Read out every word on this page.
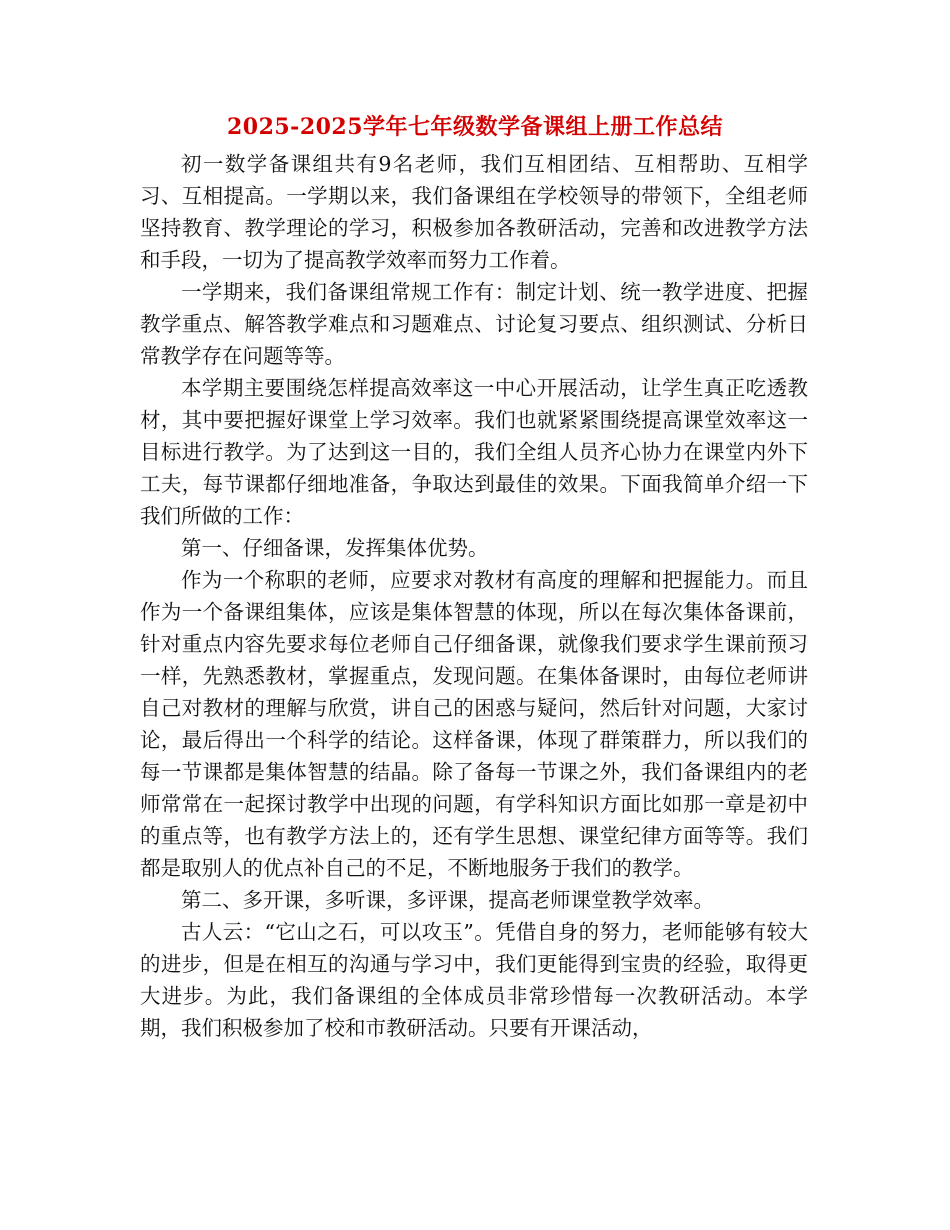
2025-2025学年七年级数学备课组上册工作总结

初一数学备课组共有9名老师，我们互相团结、互相帮助、互相学习、互相提高。一学期以来，我们备课组在学校领导的带领下，全组老师坚持教育、教学理论的学习，积极参加各教研活动，完善和改进教学方法和手段，一切为了提高教学效率而努力工作着。

一学期来，我们备课组常规工作有：制定计划、统一教学进度、把握教学重点、解答教学难点和习题难点、讨论复习要点、组织测试、分析日常教学存在问题等等。

本学期主要围绕怎样提高效率这一中心开展活动，让学生真正吃透教材，其中要把握好课堂上学习效率。我们也就紧紧围绕提高课堂效率这一目标进行教学。为了达到这一目的，我们全组人员齐心协力在课堂内外下工夫，每节课都仔细地准备，争取达到最佳的效果。下面我简单介绍一下我们所做的工作：

第一、仔细备课，发挥集体优势。

作为一个称职的老师，应要求对教材有高度的理解和把握能力。而且作为一个备课组集体，应该是集体智慧的体现，所以在每次集体备课前，针对重点内容先要求每位老师自己仔细备课，就像我们要求学生课前预习一样，先熟悉教材，掌握重点，发现问题。在集体备课时，由每位老师讲自己对教材的理解与欣赏，讲自己的困惑与疑问，然后针对问题，大家讨论，最后得出一个科学的结论。这样备课，体现了群策群力，所以我们的每一节课都是集体智慧的结晶。除了备每一节课之外，我们备课组内的老师常常在一起探讨教学中出现的问题，有学科知识方面比如那一章是初中的重点等，也有教学方法上的，还有学生思想、课堂纪律方面等等。我们都是取别人的优点补自己的不足，不断地服务于我们的教学。

第二、多开课，多听课，多评课，提高老师课堂教学效率。

古人云：“它山之石，可以攻玉”。凭借自身的努力，老师能够有较大的进步，但是在相互的沟通与学习中，我们更能得到宝贵的经验，取得更大进步。为此，我们备课组的全体成员非常珍惜每一次教研活动。本学期，我们积极参加了校和市教研活动。只要有开课活动，
